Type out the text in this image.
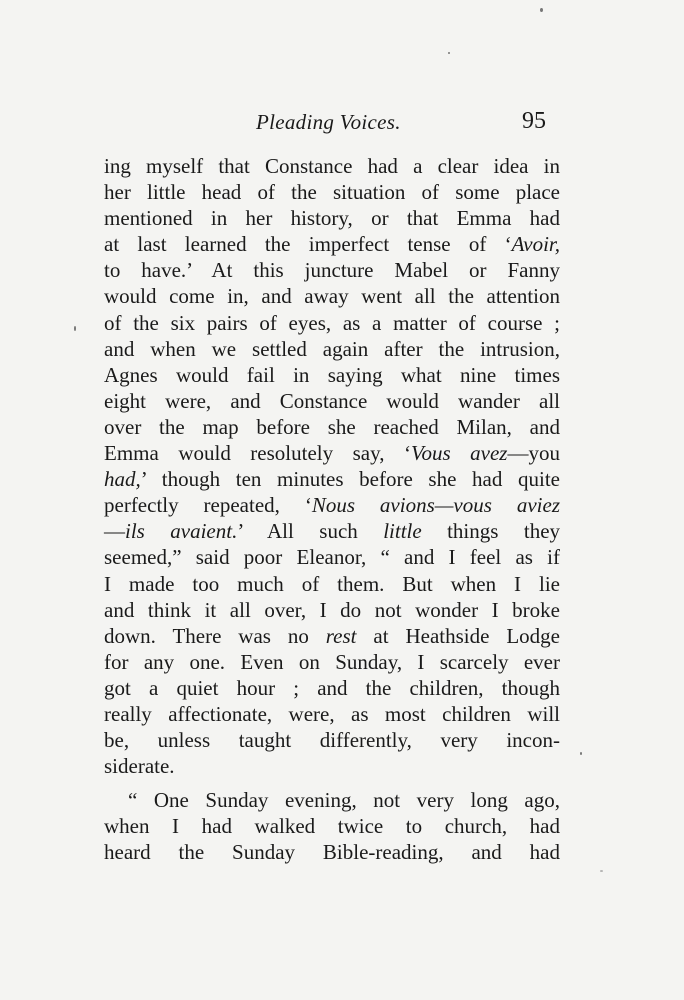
Pleading Voices.	95
ing myself that Constance had a clear idea in
her little head of the situation of some place
mentioned in her history, or that Emma had
at last learned the imperfect tense of ‘Avoir,
to have.’ At this juncture Mabel or Fanny
would come in, and away went all the attention
of the six pairs of eyes, as a matter of course ;
and when we settled again after the intrusion,
Agnes would fail in saying what nine times
eight were, and Constance would wander all
over the map before she reached Milan, and
Emma would resolutely say, ‘Vous avez—you
had,’ though ten minutes before she had quite
perfectly repeated, ‘Nous avions—vous aviez
—ils avaient.’ All such little things they
seemed,” said poor Eleanor, “ and I feel as if
I made too much of them. But when I lie
and think it all over, I do not wonder I broke
down. There was no rest at Heathside Lodge
for any one. Even on Sunday, I scarcely ever
got a quiet hour ; and the children, though
really affectionate, were, as most children will
be, unless taught differently, very incon-
siderate.
“ One Sunday evening, not very long ago,
when I had walked twice to church, had
heard the Sunday Bible-reading, and had
